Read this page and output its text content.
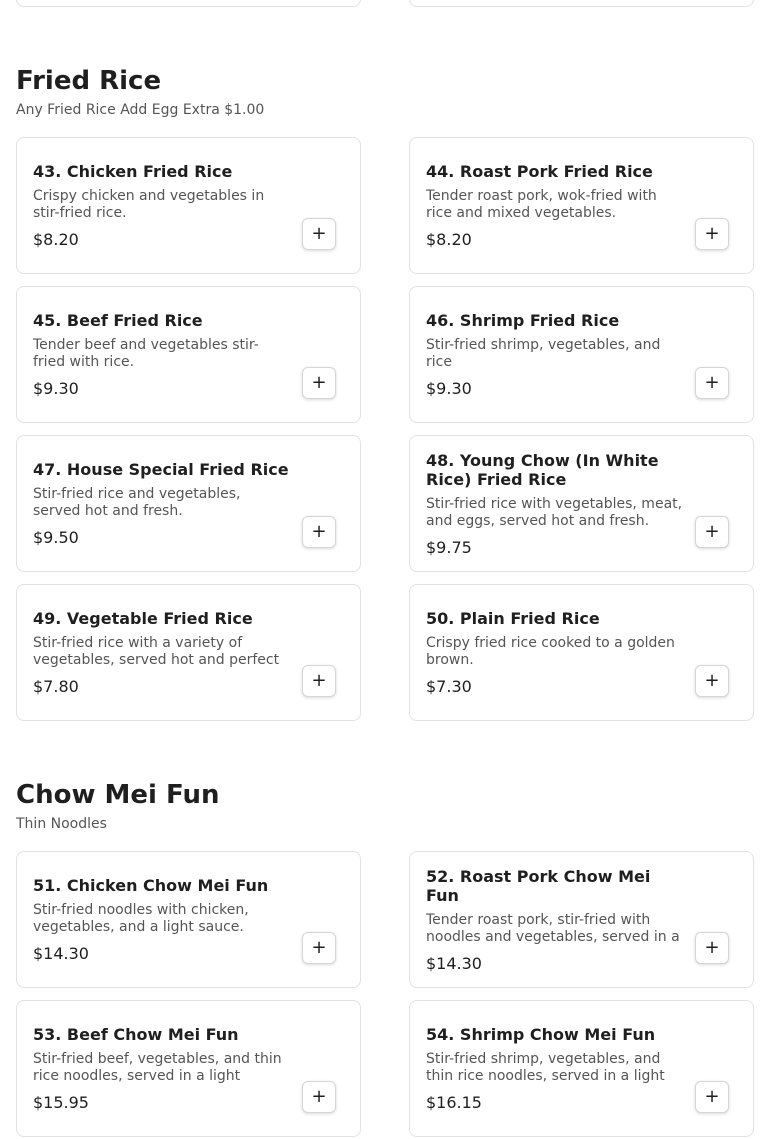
Fried Rice
Any Fried Rice Add Egg Extra $1.00
43. Chicken Fried Rice
Crispy chicken and vegetables in stir-fried rice.
$8.20	+
44. Roast Pork Fried Rice
Tender roast pork, wok-fried with rice and mixed vegetables.
$8.20	+
45. Beef Fried Rice
Tender beef and vegetables stir-fried with rice.
$9.30	+
46. Shrimp Fried Rice
Stir-fried shrimp, vegetables, and rice
$9.30	+
47. House Special Fried Rice
Stir-fried rice and vegetables, served hot and fresh.
$9.50	+
48. Young Chow (In White Rice) Fried Rice
Stir-fried rice with vegetables, meat, and eggs, served hot and fresh.
$9.75
+
49. Vegetable Fried Rice
Stir-fried rice with a variety of vegetables, served hot and perfect
$7.80	+
50. Plain Fried Rice
Crispy fried rice cooked to a golden brown.
$7.30	+
Chow Mei Fun
Thin Noodles
51. Chicken Chow Mei Fun
Stir-fried noodles with chicken, vegetables, and a light sauce.
$14.30	+
52. Roast Pork Chow Mei Fun
Tender roast pork, stir-fried with noodles and vegetables, served in a
$14.30
+
53. Beef Chow Mei Fun
Stir-fried beef, vegetables, and thin rice noodles, served in a light
$15.95	+
54. Shrimp Chow Mei Fun
Stir-fried shrimp, vegetables, and thin rice noodles, served in a light
$16.15	+
